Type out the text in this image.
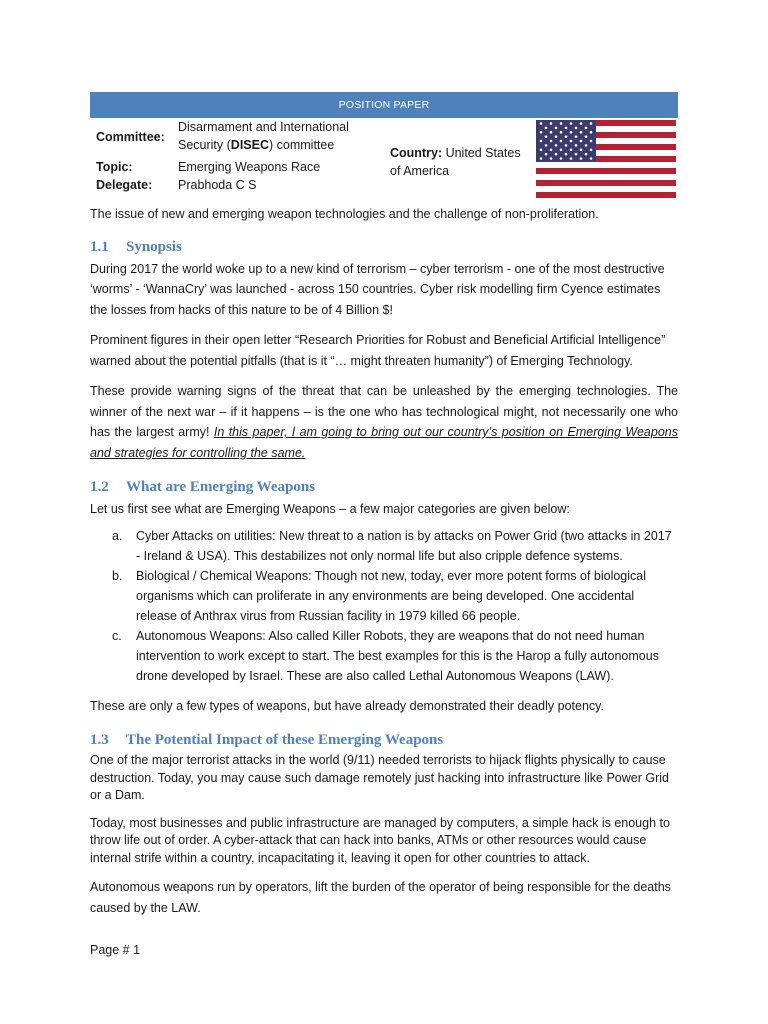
POSITION PAPER
Committee:
Disarmament and International
Security (DISEC) committee
Topic:	Emerging Weapons Race
Delegate: Prabhoda C S
Country: United States of America

The issue of new and emerging weapon technologies and the challenge of non-proliferation.

1.1 Synopsis

During 2017 the world woke up to a new kind of terrorism – cyber terrorism - one of the most destructive ‘worms’ - ‘WannaCry’ was launched - across 150 countries. Cyber risk modelling firm Cyence estimates the losses from hacks of this nature to be of 4 Billion $!

Prominent figures in their open letter “Research Priorities for Robust and Beneficial Artificial Intelligence” warned about the potential pitfalls (that is it “… might threaten humanity”) of Emerging Technology.

These provide warning signs of the threat that can be unleashed by the emerging technologies. The winner of the next war – if it happens – is the one who has technological might, not necessarily one who has the largest army! In this paper, I am going to bring out our country’s position on Emerging Weapons and strategies for controlling the same.

1.2 What are Emerging Weapons

Let us first see what are Emerging Weapons – a few major categories are given below:

a. Cyber Attacks on utilities: New threat to a nation is by attacks on Power Grid (two attacks in 2017 - Ireland & USA). This destabilizes not only normal life but also cripple defence systems.
b. Biological / Chemical Weapons: Though not new, today, ever more potent forms of biological organisms which can proliferate in any environments are being developed. One accidental release of Anthrax virus from Russian facility in 1979 killed 66 people.
c. Autonomous Weapons: Also called Killer Robots, they are weapons that do not need human intervention to work except to start. The best examples for this is the Harop a fully autonomous drone developed by Israel. These are also called Lethal Autonomous Weapons (LAW).

These are only a few types of weapons, but have already demonstrated their deadly potency.

1.3 The Potential Impact of these Emerging Weapons

One of the major terrorist attacks in the world (9/11) needed terrorists to hijack flights physically to cause destruction. Today, you may cause such damage remotely just hacking into infrastructure like Power Grid or a Dam.

Today, most businesses and public infrastructure are managed by computers, a simple hack is enough to throw life out of order. A cyber-attack that can hack into banks, ATMs or other resources would cause internal strife within a country, incapacitating it, leaving it open for other countries to attack.

Autonomous weapons run by operators, lift the burden of the operator of being responsible for the deaths caused by the LAW.

Page # 1
